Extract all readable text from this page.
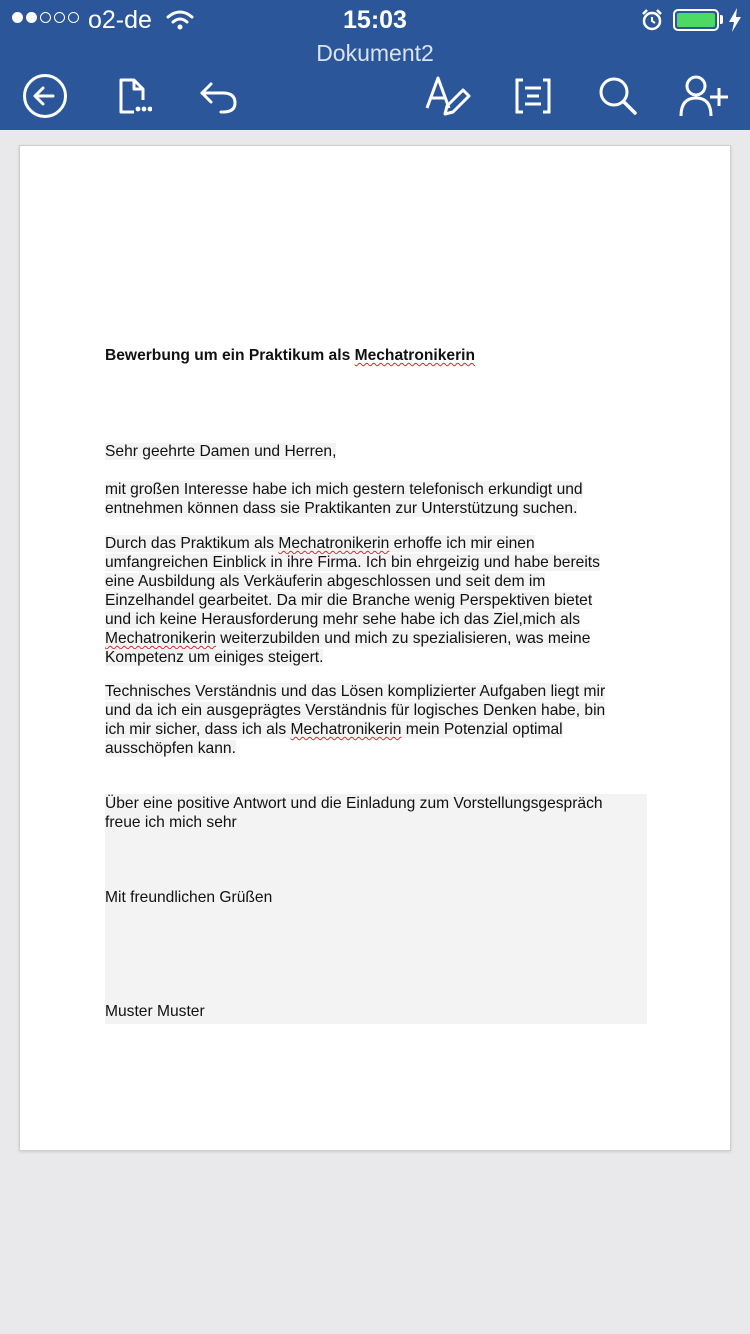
o2-de	15:03
Dokument2

Bewerbung um ein Praktikum als Mechatronikerin

Sehr geehrte Damen und Herren,

mit großen Interesse habe ich mich gestern telefonisch erkundigt und
entnehmen können dass sie Praktikanten zur Unterstützung suchen.

Durch das Praktikum als Mechatronikerin erhoffe ich mir einen
umfangreichen Einblick in ihre Firma. Ich bin ehrgeizig und habe bereits
eine Ausbildung als Verkäuferin abgeschlossen und seit dem im
Einzelhandel gearbeitet. Da mir die Branche wenig Perspektiven bietet
und ich keine Herausforderung mehr sehe habe ich das Ziel,mich als
Mechatronikerin weiterzubilden und mich zu spezialisieren, was meine
Kompetenz um einiges steigert.

Technisches Verständnis und das Lösen komplizierter Aufgaben liegt mir
und da ich ein ausgeprägtes Verständnis für logisches Denken habe, bin
ich mir sicher, dass ich als Mechatronikerin mein Potenzial optimal
ausschöpfen kann.

Über eine positive Antwort und die Einladung zum Vorstellungsgespräch
freue ich mich sehr

Mit freundlichen Grüßen

Muster Muster
